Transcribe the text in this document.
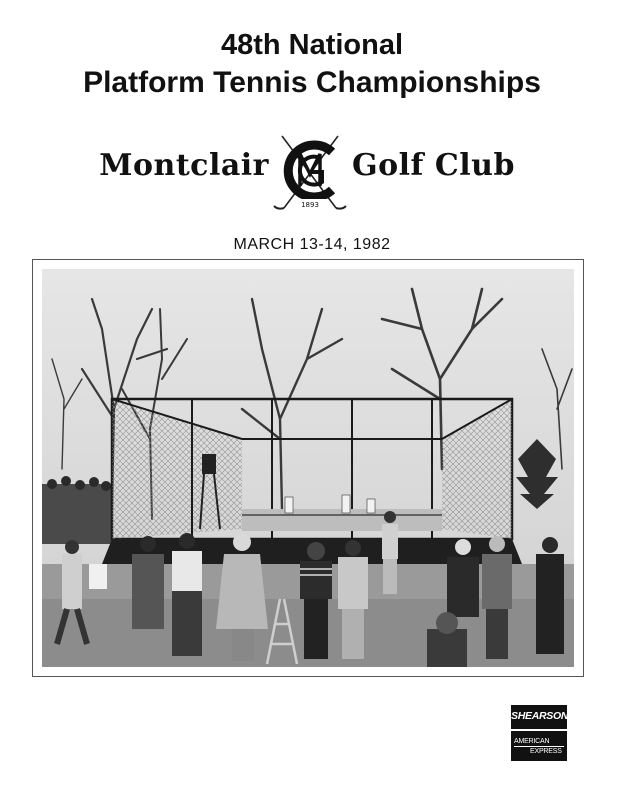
48th National
Platform Tennis Championships
Montclair
1893
Golf Club
MARCH 13-14, 1982
SHEARSON
AMERICAN
EXPRESS
